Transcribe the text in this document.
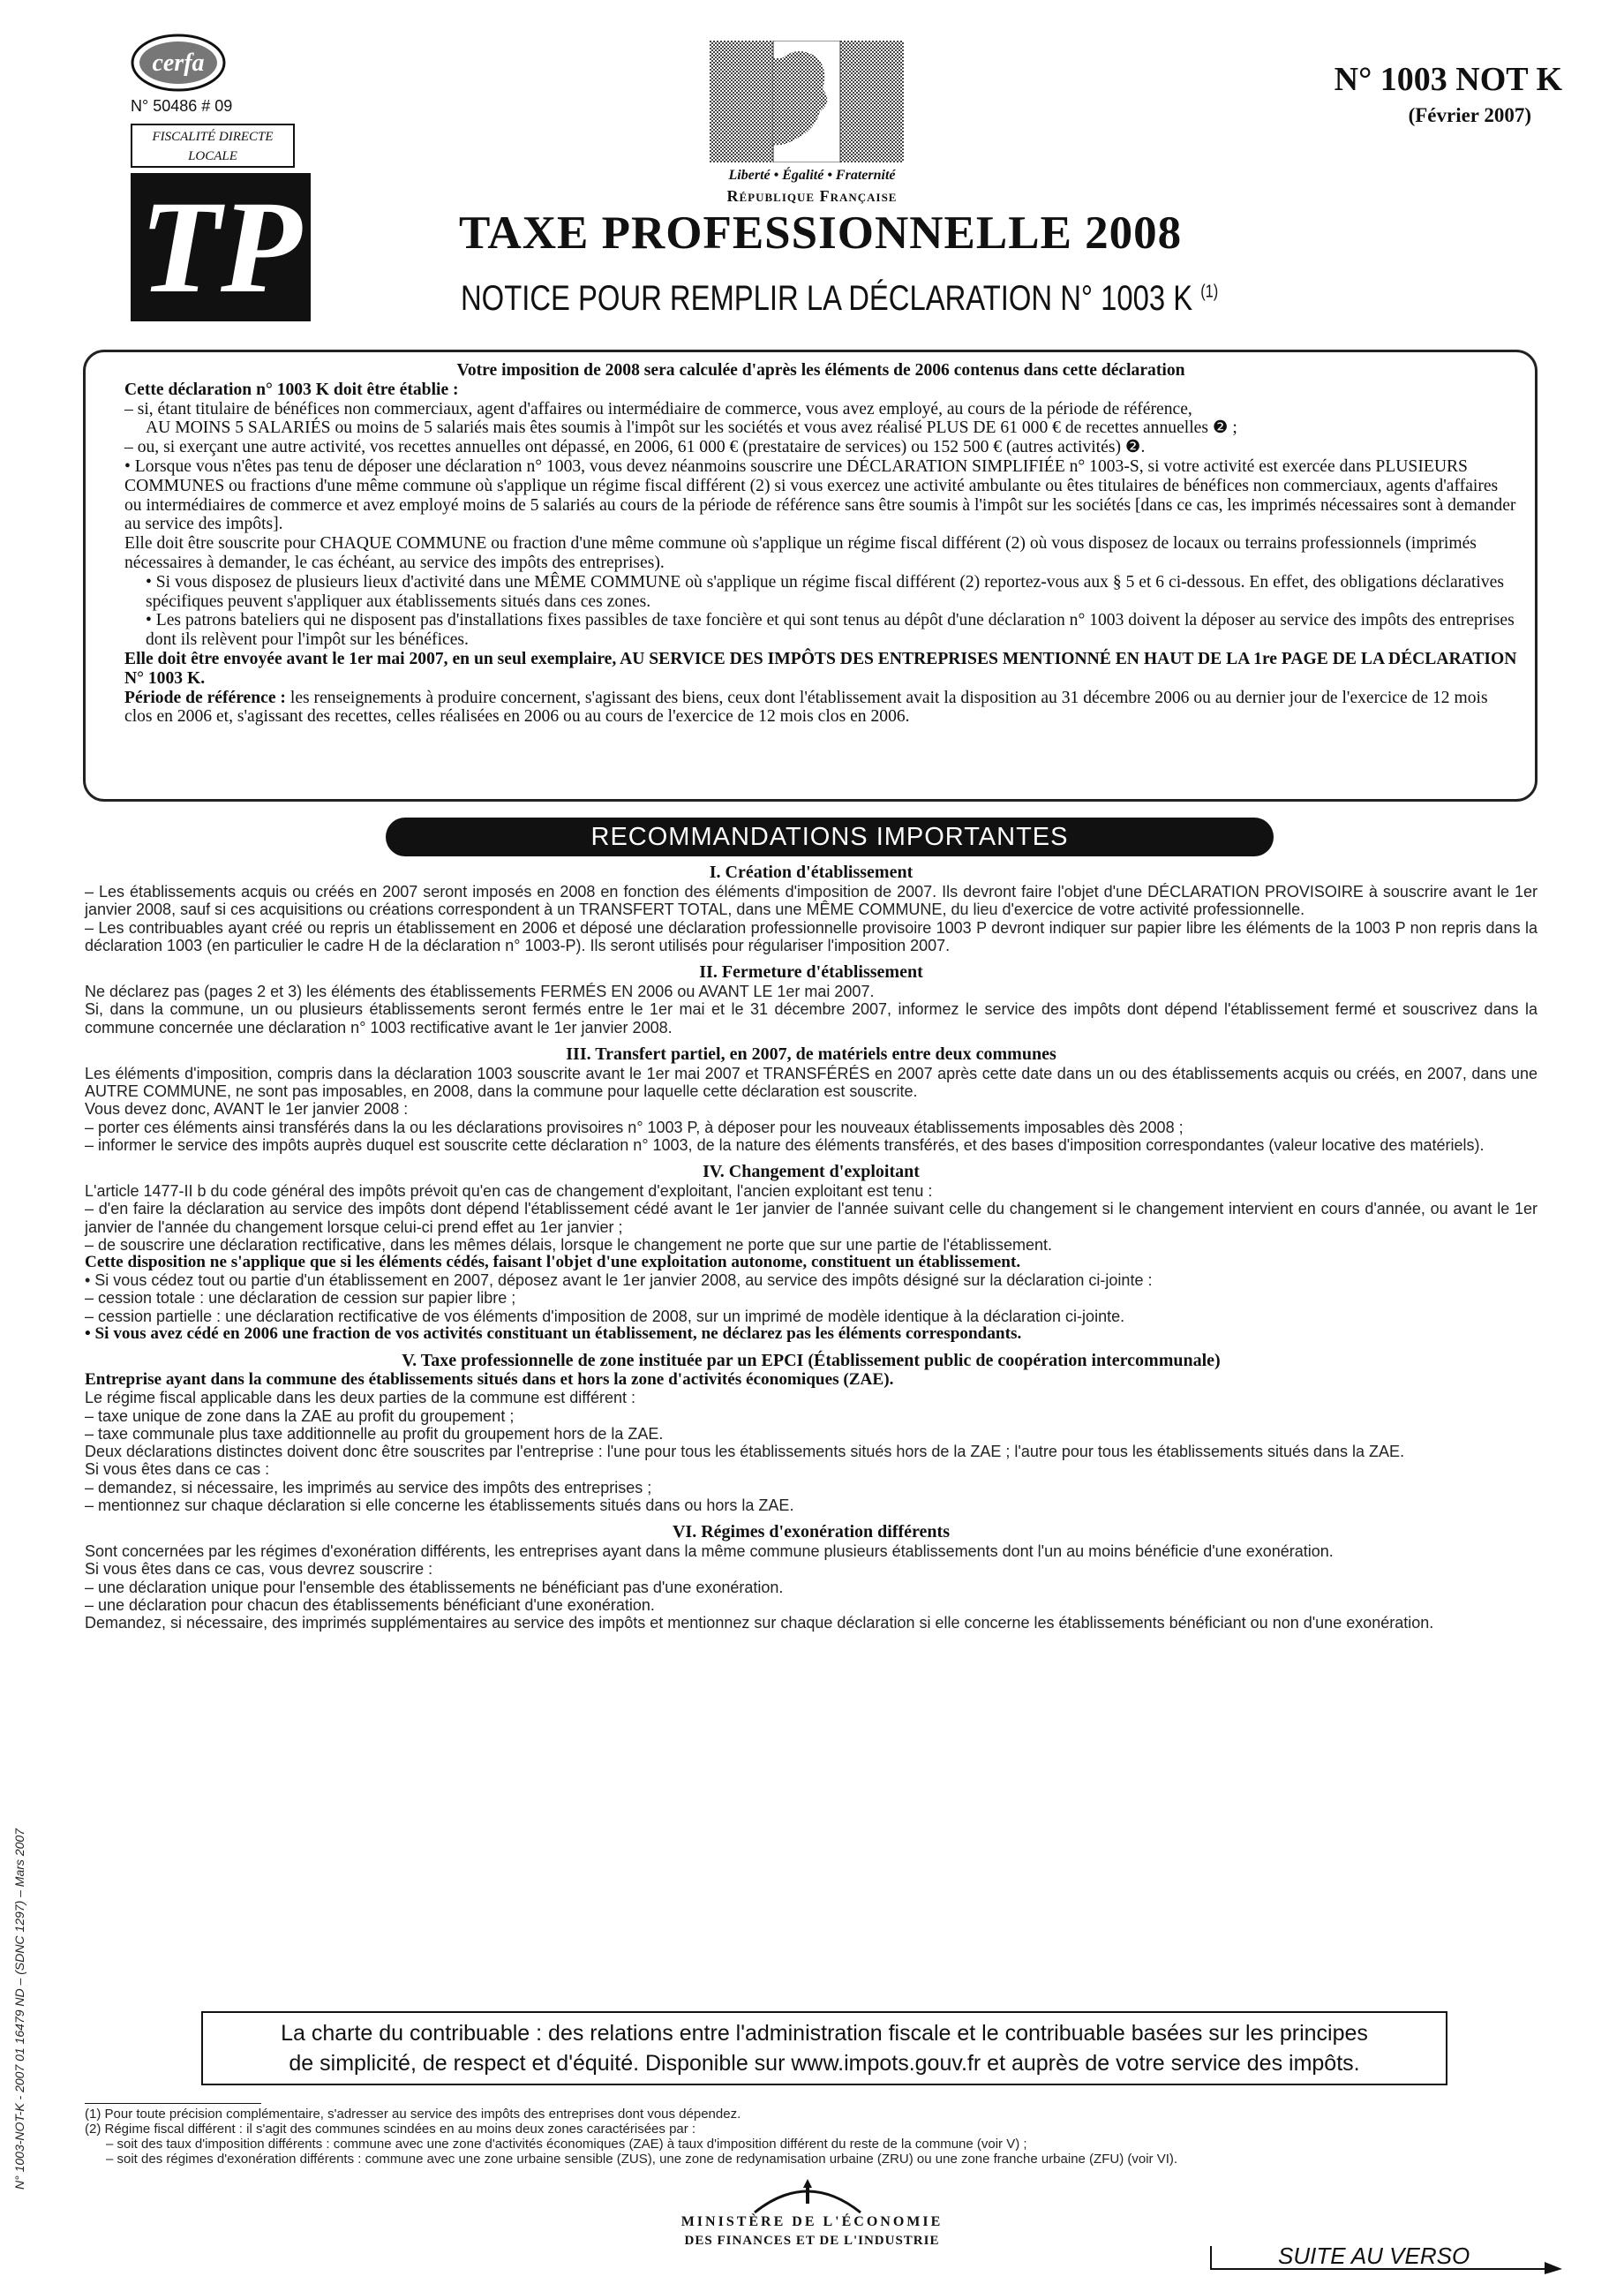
cerfa
N° 50486 # 09
FISCALITÉ DIRECTE
LOCALE
TP	Liberté • Égalité • Fraternité
République Française
N° 1003 NOT K
(Février 2007)
TAXE PROFESSIONNELLE 2008
NOTICE POUR REMPLIR LA DÉCLARATION N° 1003 K $^{(1)}$

Votre imposition de 2008 sera calculée d'après les éléments de 2006 contenus dans cette déclaration

Cette déclaration n° 1003 K doit être établie :

– si, étant titulaire de bénéfices non commerciaux, agent d'affaires ou intermédiaire de commerce, vous avez employé, au cours de la période de référence,

AU MOINS 5 SALARIÉS ou moins de 5 salariés mais êtes soumis à l'impôt sur les sociétés et vous avez réalisé PLUS DE 61 000 € de recettes annuelles ❷ ;

– ou, si exerçant une autre activité, vos recettes annuelles ont dépassé, en 2006, 61 000 € (prestataire de services) ou 152 500 € (autres activités) ❷.

• Lorsque vous n'êtes pas tenu de déposer une déclaration n° 1003, vous devez néanmoins souscrire une DÉCLARATION SIMPLIFIÉE n° 1003-S, si votre activité est exercée dans PLUSIEURS COMMUNES ou fractions d'une même commune où s'applique un régime fiscal différent (2) si vous exercez une activité ambulante ou êtes titulaires de bénéfices non commerciaux, agents d'affaires ou intermédiaires de commerce et avez employé moins de 5 salariés au cours de la période de référence sans être soumis à l'impôt sur les sociétés [dans ce cas, les imprimés nécessaires sont à demander au service des impôts].

Elle doit être souscrite pour CHAQUE COMMUNE ou fraction d'une même commune où s'applique un régime fiscal différent (2) où vous disposez de locaux ou terrains professionnels (imprimés nécessaires à demander, le cas échéant, au service des impôts des entreprises).

• Si vous disposez de plusieurs lieux d'activité dans une MÊME COMMUNE où s'applique un régime fiscal différent (2) reportez-vous aux § 5 et 6 ci-dessous. En effet, des obligations déclaratives spécifiques peuvent s'appliquer aux établissements situés dans ces zones.

• Les patrons bateliers qui ne disposent pas d'installations fixes passibles de taxe foncière et qui sont tenus au dépôt d'une déclaration n° 1003 doivent la déposer au service des impôts des entreprises dont ils relèvent pour l'impôt sur les bénéfices.

Elle doit être envoyée avant le 1er mai 2007, en un seul exemplaire, AU SERVICE DES IMPÔTS DES ENTREPRISES MENTIONNÉ EN HAUT DE LA 1re PAGE DE LA DÉCLARATION N° 1003 K.

Période de référence : les renseignements à produire concernent, s'agissant des biens, ceux dont l'établissement avait la disposition au 31 décembre 2006 ou au dernier jour de l'exercice de 12 mois clos en 2006 et, s'agissant des recettes, celles réalisées en 2006 ou au cours de l'exercice de 12 mois clos en 2006.

RECOMMANDATIONS IMPORTANTES
I. Création d'établissement

– Les établissements acquis ou créés en 2007 seront imposés en 2008 en fonction des éléments d'imposition de 2007. Ils devront faire l'objet d'une DÉCLARATION PROVISOIRE à souscrire avant le 1er janvier 2008, sauf si ces acquisitions ou créations correspondent à un TRANSFERT TOTAL, dans une MÊME COMMUNE, du lieu d'exercice de votre activité professionnelle.

– Les contribuables ayant créé ou repris un établissement en 2006 et déposé une déclaration professionnelle provisoire 1003 P devront indiquer sur papier libre les éléments de la 1003 P non repris dans la déclaration 1003 (en particulier le cadre H de la déclaration n° 1003-P). Ils seront utilisés pour régulariser l'imposition 2007.

II. Fermeture d'établissement

Ne déclarez pas (pages 2 et 3) les éléments des établissements FERMÉS EN 2006 ou AVANT LE 1er mai 2007.

Si, dans la commune, un ou plusieurs établissements seront fermés entre le 1er mai et le 31 décembre 2007, informez le service des impôts dont dépend l'établissement fermé et souscrivez dans la commune concernée une déclaration n° 1003 rectificative avant le 1er janvier 2008.

III. Transfert partiel, en 2007, de matériels entre deux communes

Les éléments d'imposition, compris dans la déclaration 1003 souscrite avant le 1er mai 2007 et TRANSFÉRÉS en 2007 après cette date dans un ou des établissements acquis ou créés, en 2007, dans une AUTRE COMMUNE, ne sont pas imposables, en 2008, dans la commune pour laquelle cette déclaration est souscrite.

Vous devez donc, AVANT le 1er janvier 2008 :

– porter ces éléments ainsi transférés dans la ou les déclarations provisoires n° 1003 P, à déposer pour les nouveaux établissements imposables dès 2008 ;

– informer le service des impôts auprès duquel est souscrite cette déclaration n° 1003, de la nature des éléments transférés, et des bases d'imposition correspondantes (valeur locative des matériels).

IV. Changement d'exploitant

L'article 1477-II b du code général des impôts prévoit qu'en cas de changement d'exploitant, l'ancien exploitant est tenu :

– d'en faire la déclaration au service des impôts dont dépend l'établissement cédé avant le 1er janvier de l'année suivant celle du changement si le changement intervient en cours d'année, ou avant le 1er janvier de l'année du changement lorsque celui-ci prend effet au 1er janvier ;

– de souscrire une déclaration rectificative, dans les mêmes délais, lorsque le changement ne porte que sur une partie de l'établissement.

Cette disposition ne s'applique que si les éléments cédés, faisant l'objet d'une exploitation autonome, constituent un établissement.

• Si vous cédez tout ou partie d'un établissement en 2007, déposez avant le 1er janvier 2008, au service des impôts désigné sur la déclaration ci-jointe :

– cession totale : une déclaration de cession sur papier libre ;

– cession partielle : une déclaration rectificative de vos éléments d'imposition de 2008, sur un imprimé de modèle identique à la déclaration ci-jointe.

• Si vous avez cédé en 2006 une fraction de vos activités constituant un établissement, ne déclarez pas les éléments correspondants.

V. Taxe professionnelle de zone instituée par un EPCI (Établissement public de coopération intercommunale)

Entreprise ayant dans la commune des établissements situés dans et hors la zone d'activités économiques (ZAE).

Le régime fiscal applicable dans les deux parties de la commune est différent :

– taxe unique de zone dans la ZAE au profit du groupement ;

– taxe communale plus taxe additionnelle au profit du groupement hors de la ZAE.

Deux déclarations distinctes doivent donc être souscrites par l'entreprise : l'une pour tous les établissements situés hors de la ZAE ; l'autre pour tous les établissements situés dans la ZAE.

Si vous êtes dans ce cas :

– demandez, si nécessaire, les imprimés au service des impôts des entreprises ;

– mentionnez sur chaque déclaration si elle concerne les établissements situés dans ou hors la ZAE.

VI. Régimes d'exonération différents

Sont concernées par les régimes d'exonération différents, les entreprises ayant dans la même commune plusieurs établissements dont l'un au moins bénéficie d'une exonération.

Si vous êtes dans ce cas, vous devrez souscrire :

– une déclaration unique pour l'ensemble des établissements ne bénéficiant pas d'une exonération.

– une déclaration pour chacun des établissements bénéficiant d'une exonération.

Demandez, si nécessaire, des imprimés supplémentaires au service des impôts et mentionnez sur chaque déclaration si elle concerne les établissements bénéficiant ou non d'une exonération.

La charte du contribuable : des relations entre l'administration fiscale et le contribuable basées sur les principes
de simplicité, de respect et d'équité. Disponible sur www.impots.gouv.fr et auprès de votre service des impôts.

(1) Pour toute précision complémentaire, s'adresser au service des impôts des entreprises dont vous dépendez.

(2) Régime fiscal différent : il s'agit des communes scindées en au moins deux zones caractérisées par :

– soit des taux d'imposition différents : commune avec une zone d'activités économiques (ZAE) à taux d'imposition différent du reste de la commune (voir V) ;

– soit des régimes d'exonération différents : commune avec une zone urbaine sensible (ZUS), une zone de redynamisation urbaine (ZRU) ou une zone franche urbaine (ZFU) (voir VI).

N° 1003-NOT-K - 2007 01 16479 ND – (SDNC 1297) – Mars 2007
MINISTÈRE DE L'ÉCONOMIE
DES FINANCES ET DE L'INDUSTRIE
SUITE AU VERSO
